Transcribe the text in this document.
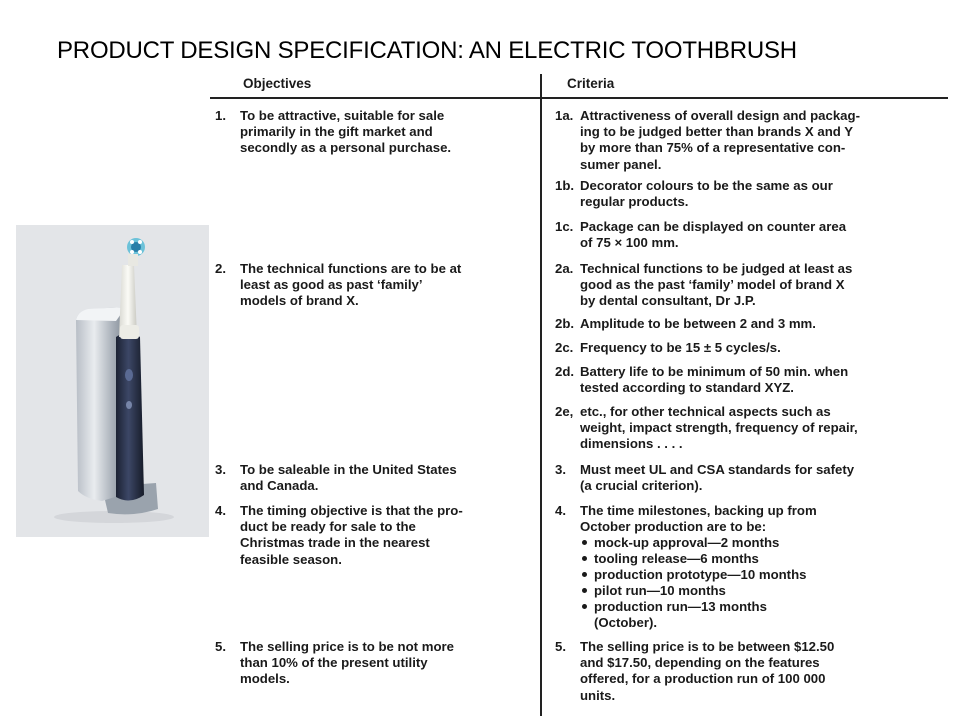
PRODUCT DESIGN SPECIFICATION: AN ELECTRIC TOOTHBRUSH
Objectives	Criteria
1. To be attractive, suitable for sale
primarily in the gift market and
secondly as a personal purchase.
2. The technical functions are to be at
least as good as past ‘family’
models of brand X.
3. To be saleable in the United States
and Canada.
4. The timing objective is that the pro-
duct be ready for sale to the
Christmas trade in the nearest
feasible season.
5. The selling price is to be not more
than 10% of the present utility
models.
1a. Attractiveness of overall design and packag-
ing to be judged better than brands X and Y
by more than 75% of a representative con-
sumer panel.
1b. Decorator colours to be the same as our
regular products.
1c. Package can be displayed on counter area
of 75 × 100 mm.
2a. Technical functions to be judged at least as
good as the past ‘family’ model of brand X
by dental consultant, Dr J.P.
2b. Amplitude to be between 2 and 3 mm.
2c. Frequency to be 15 ± 5 cycles/s.
2d. Battery life to be minimum of 50 min. when
tested according to standard XYZ.
2e, etc., for other technical aspects such as
weight, impact strength, frequency of repair,
dimensions . . . .
3. Must meet UL and CSA standards for safety
(a crucial criterion).
4. The time milestones, backing up from
October production are to be:
mock-up approval—2 months
tooling release—6 months
production prototype—10 months
pilot run—10 months
production run—13 months
(October).
5. The selling price is to be between $12.50
and $17.50, depending on the features
offered, for a production run of 100 000
units.
